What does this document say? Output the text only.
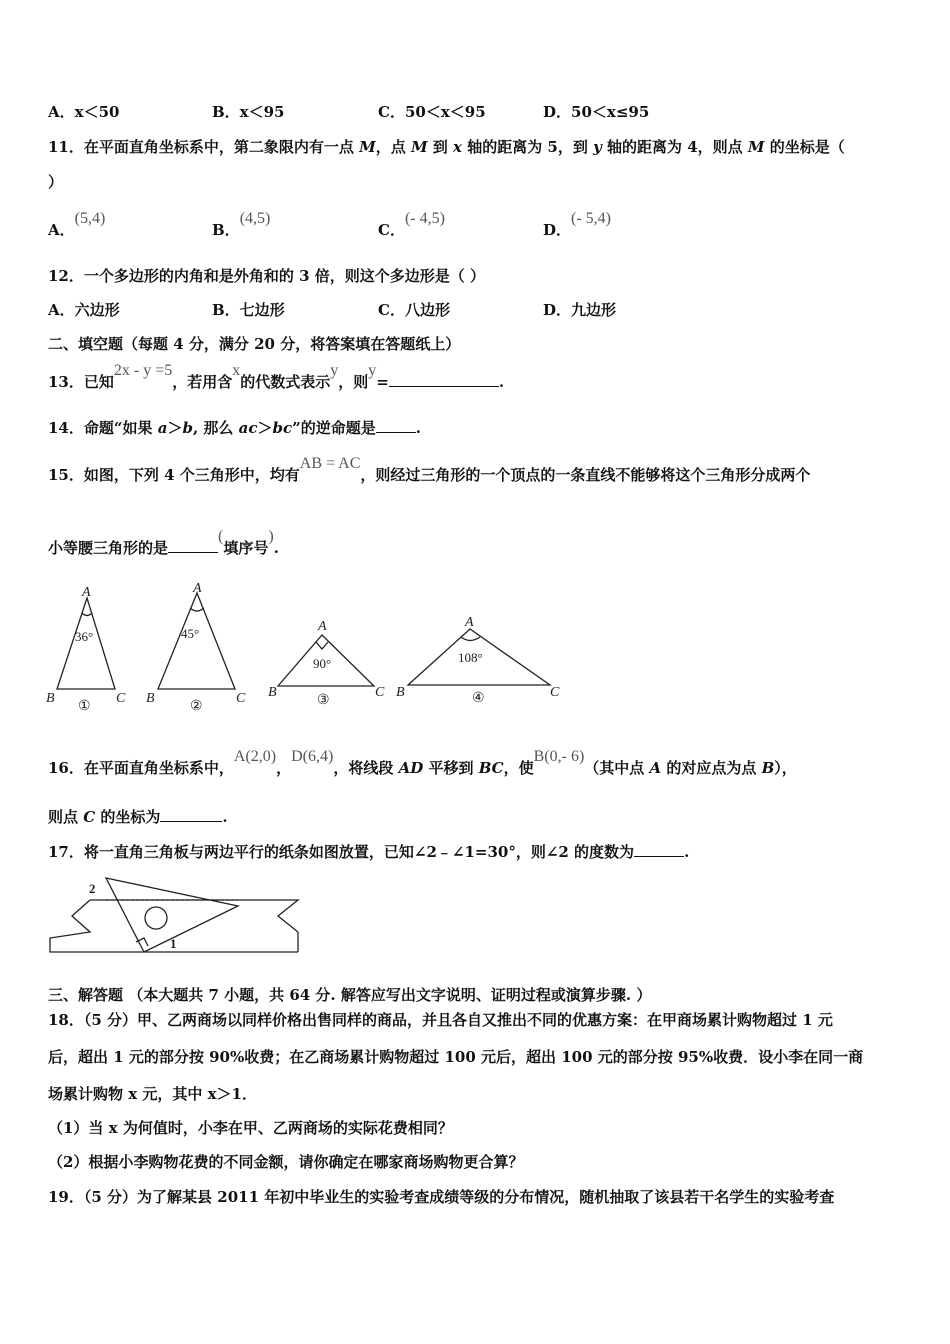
A．x＜50	B．x＜95	C．50＜x＜95	D．50＜x≤95
11．在平面直角坐标系中，第二象限内有一点 M，点 M 到 x 轴的距离为 5，到 y 轴的距离为 4，则点 M 的坐标是（
）
A．(5,4)
B．(4,5)
C．(- 4,5)
D．(- 5,4)
12．一个多边形的内角和是外角和的 3 倍，则这个多边形是（ ）
A．六边形	B．七边形	C．八边形	D．九边形
二、填空题（每题 4 分，满分 20 分，将答案填在答题纸上）
13．已知2x - y =5，若用含x的代数式表示y，则y=	.
14．命题“如果 a＞b, 那么 ac＞bc”的逆命题是	.
15．如图，下列 4 个三角形中，均有AB = AC，则经过三角形的一个顶点的一条直线不能够将这个三角形分成两个
小等腰三角形的是(填序号).
A
B	C
A
B	C
A
B	C
A
B	C
36°	45°
90°	108°
①	②	③	④
16．在平面直角坐标系中，A(2,0)，D(6,4)，将线段 AD 平移到 BC，使B(0,- 6)（其中点 A 的对应点为点 B），
则点 C 的坐标为	.
17．将一直角三角板与两边平行的纸条如图放置，已知∠2﹣∠1=30°，则∠2 的度数为	.
2
1
三、解答题 （本大题共 7 小题，共 64 分. 解答应写出文字说明、证明过程或演算步骤. ）
18．（5 分）甲、乙两商场以同样价格出售同样的商品，并且各自又推出不同的优惠方案：在甲商场累计购物超过 1 元
后，超出 1 元的部分按 90%收费；在乙商场累计购物超过 100 元后，超出 100 元的部分按 95%收费．设小李在同一商
场累计购物 x 元，其中 x＞1．
（1）当 x 为何值时，小李在甲、乙两商场的实际花费相同？
（2）根据小李购物花费的不同金额，请你确定在哪家商场购物更合算？
19．（5 分）为了解某县 2011 年初中毕业生的实验考查成绩等级的分布情况，随机抽取了该县若干名学生的实验考查
